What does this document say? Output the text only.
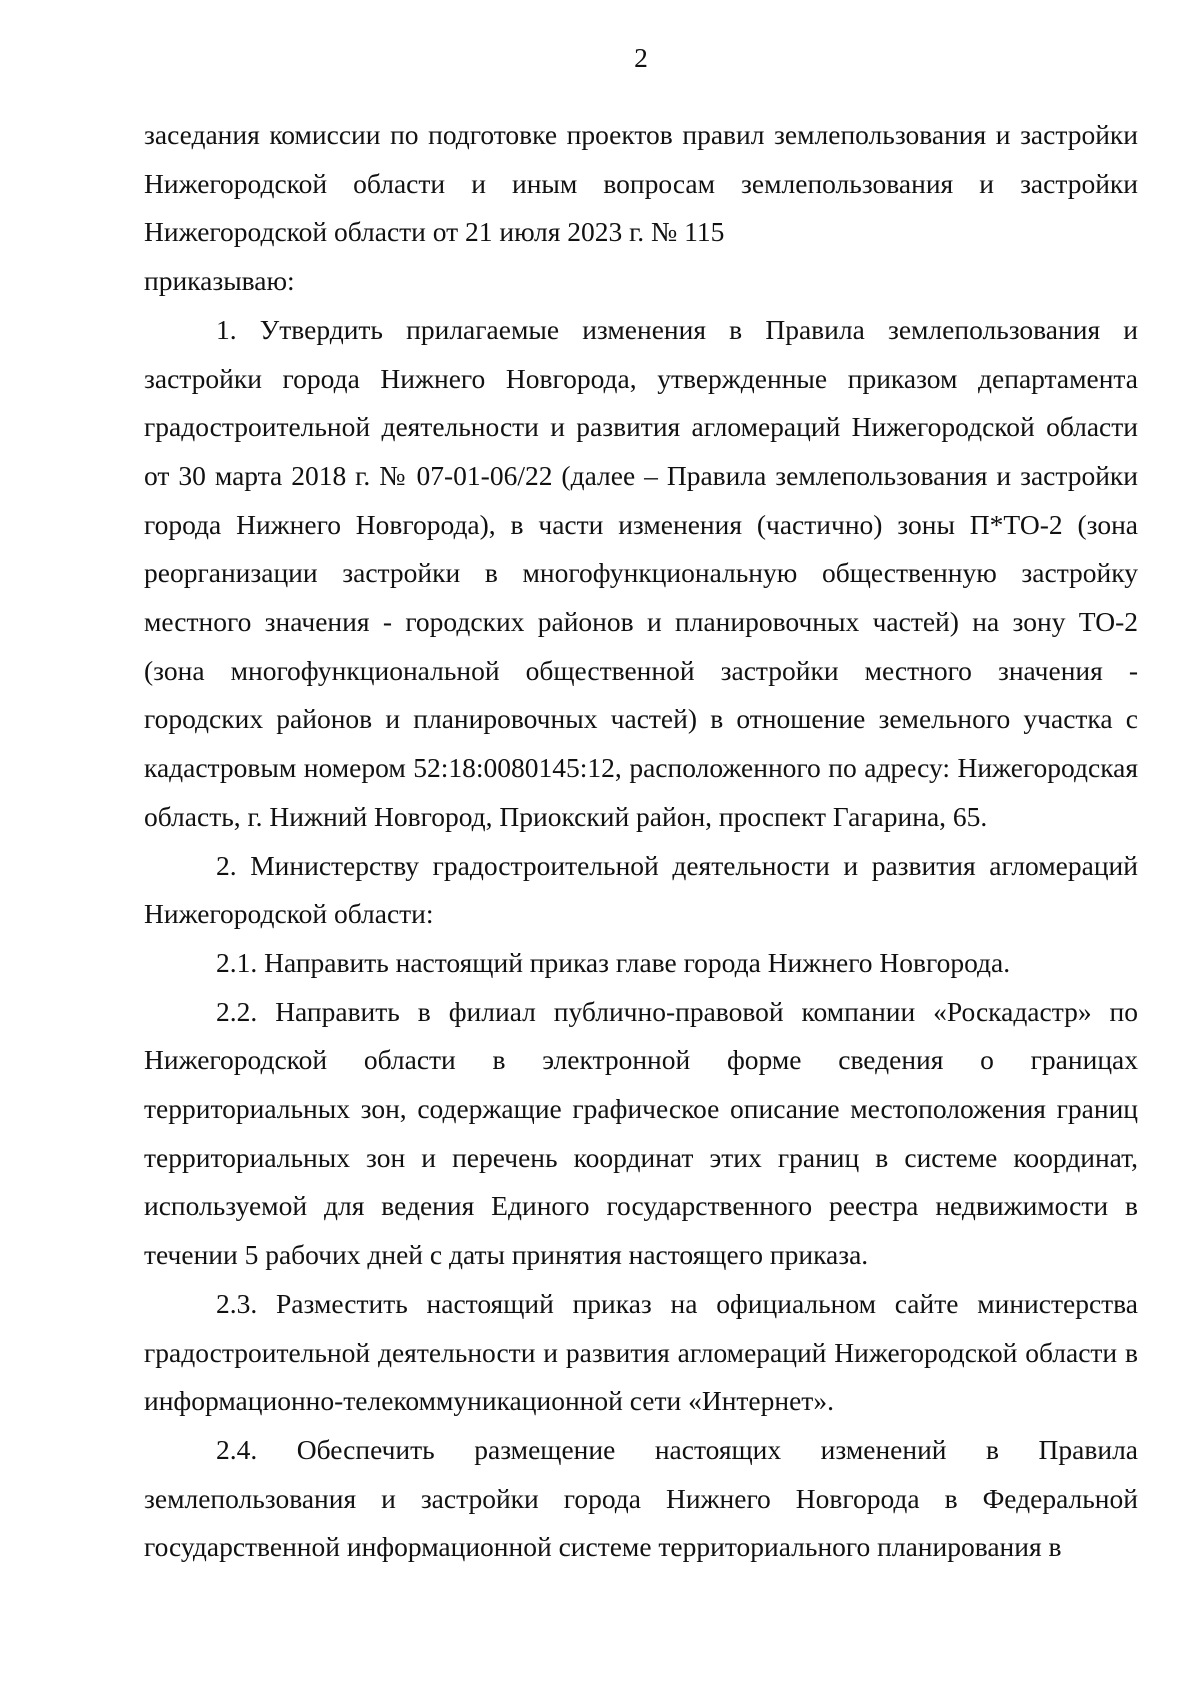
2

заседания комиссии по подготовке проектов правил землепользования и застройки Нижегородской области и иным вопросам землепользования и застройки Нижегородской области от 21 июля 2023 г. № 115

приказываю:

1. Утвердить прилагаемые изменения в Правила землепользования и застройки города Нижнего Новгорода, утвержденные приказом департамента градостроительной деятельности и развития агломераций Нижегородской области от 30 марта 2018 г. № 07-01-06/22 (далее – Правила землепользования и застройки города Нижнего Новгорода), в части изменения (частично) зоны П*ТО-2 (зона реорганизации застройки в многофункциональную общественную застройку местного значения - городских районов и планировочных частей) на зону ТО-2 (зона многофункциональной общественной застройки местного значения - городских районов и планировочных частей) в отношение земельного участка с кадастровым номером 52:18:0080145:12, расположенного по адресу: Нижегородская область, г. Нижний Новгород, Приокский район, проспект Гагарина, 65.

2. Министерству градостроительной деятельности и развития агломераций Нижегородской области:

2.1. Направить настоящий приказ главе города Нижнего Новгорода.

2.2. Направить в филиал публично-правовой компании «Роскадастр» по Нижегородской области в электронной форме сведения о границах территориальных зон, содержащие графическое описание местоположения границ территориальных зон и перечень координат этих границ в системе координат, используемой для ведения Единого государственного реестра недвижимости в течении 5 рабочих дней с даты принятия настоящего приказа.

2.3. Разместить настоящий приказ на официальном сайте министерства градостроительной деятельности и развития агломераций Нижегородской области в информационно-телекоммуникационной сети «Интернет».

2.4. Обеспечить размещение настоящих изменений в Правила землепользования и застройки города Нижнего Новгорода в Федеральной государственной информационной системе территориального планирования в
